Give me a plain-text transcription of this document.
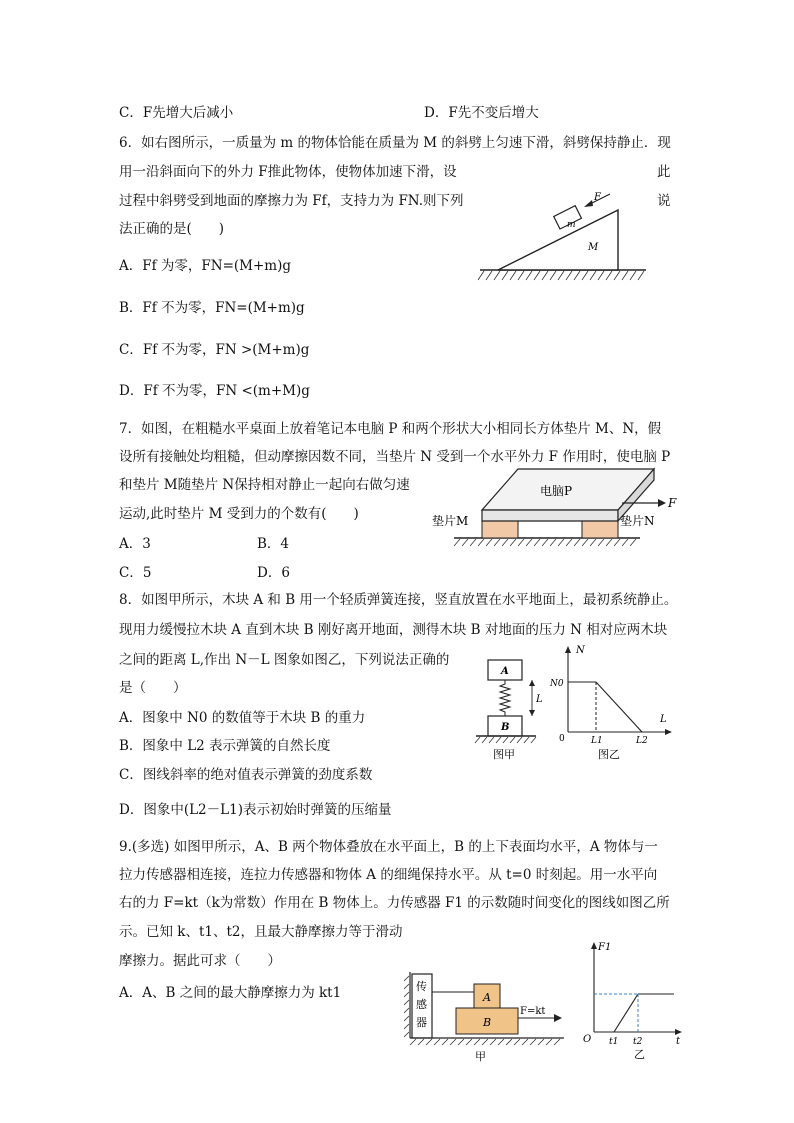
C．F先增大后减小	D．F先不变后增大
6．如右图所示，一质量为 m 的物体恰能在质量为 M 的斜劈上匀速下滑，斜劈保持静止．现
用一沿斜面向下的外力 F推此物体，使物体加速下滑，设	此
过程中斜劈受到地面的摩擦力为 Ff，支持力为 FN.则下列	说
法正确的是(　　)
A．Ff 为零，FN=(M+m)g
B．Ff 不为零，FN=(M+m)g
C．Ff 不为零，FN >(M+m)g
D．Ff 不为零，FN <(m+M)g
F
m
M
7．如图，在粗糙水平桌面上放着笔记本电脑 P 和两个形状大小相同长方体垫片 M、N，假
设所有接触处均粗糙，但动摩擦因数不同，当垫片 N 受到一个水平外力 F 作用时，使电脑 P
和垫片 M随垫片 N保持相对静止一起向右做匀速
运动,此时垫片 M 受到力的个数有(　　)
A．3	B．4
C．5	D．6
F
电脑P
垫片M	垫片N
8．如图甲所示，木块 A 和 B 用一个轻质弹簧连接，竖直放置在水平地面上，最初系统静止。
现用力缓慢拉木块 A 直到木块 B 刚好离开地面，测得木块 B 对地面的压力 N 相对应两木块
之间的距离 L,作出 N－L 图象如图乙，下列说法正确的
是（　　）
A．图象中 N0 的数值等于木块 B 的重力
B．图象中 L2 表示弹簧的自然长度
C．图线斜率的绝对值表示弹簧的劲度系数
D．图象中(L2－L1)表示初始时弹簧的压缩量
A
B
L
图甲
N
L
N0
0	L1	L2
图乙
9.(多选) 如图甲所示，A、B 两个物体叠放在水平面上，B 的上下表面均水平，A 物体与一
拉力传感器相连接，连拉力传感器和物体 A 的细绳保持水平。从 t=0 时刻起。用一水平向
右的力 F=kt（k为常数）作用在 B 物体上。力传感器 F1 的示数随时间变化的图线如图乙所
示。已知 k、t1、t2，且最大静摩擦力等于滑动
摩擦力。据此可求（　　）
A．A、B 之间的最大静摩擦力为 kt1	传感器
A
B
F=kt
甲
F1
t
O t1 t2
乙
